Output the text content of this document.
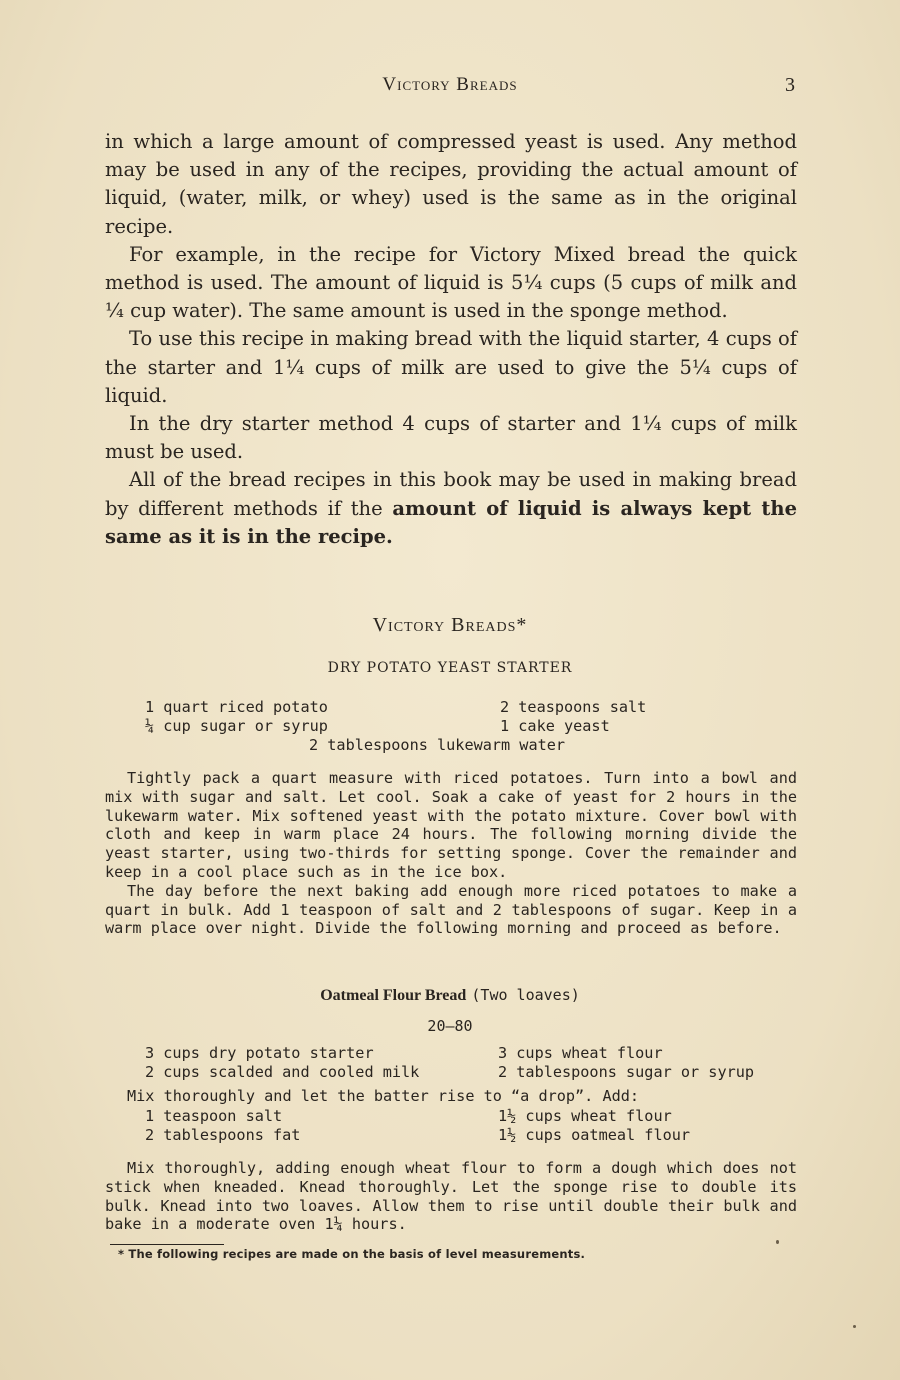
Victory Breads	3

in which a large amount of compressed yeast is used. Any method may be used in any of the recipes, providing the actual amount of liquid, (water, milk, or whey) used is the same as in the original recipe.

For example, in the recipe for Victory Mixed bread the quick method is used. The amount of liquid is 5¼ cups (5 cups of milk and ¼ cup water). The same amount is used in the sponge method.

To use this recipe in making bread with the liquid starter, 4 cups of the starter and 1¼ cups of milk are used to give the 5¼ cups of liquid.

In the dry starter method 4 cups of starter and 1¼ cups of milk must be used.

All of the bread recipes in this book may be used in making bread by different methods if the amount of liquid is always kept the same as it is in the recipe.

Victory Breads*
DRY POTATO YEAST STARTER
1 quart riced potato
¼ cup sugar or syrup
2 teaspoons salt
1 cake yeast
2 tablespoons lukewarm water

Tightly pack a quart measure with riced potatoes. Turn into a bowl and mix with sugar and salt. Let cool. Soak a cake of yeast for 2 hours in the lukewarm water. Mix softened yeast with the potato mixture. Cover bowl with cloth and keep in warm place 24 hours. The following morning divide the yeast starter, using two-thirds for setting sponge. Cover the remainder and keep in a cool place such as in the ice box.

The day before the next baking add enough more riced potatoes to make a quart in bulk. Add 1 teaspoon of salt and 2 tablespoons of sugar. Keep in a warm place over night. Divide the following morning and proceed as before.

Oatmeal Flour Bread (Two loaves)
20–80
3 cups dry potato starter
2 cups scalded and cooled milk
3 cups wheat flour
2 tablespoons sugar or syrup
Mix thoroughly and let the batter rise to “a drop”. Add:
1 teaspoon salt
2 tablespoons fat
1½ cups wheat flour
1½ cups oatmeal flour

Mix thoroughly, adding enough wheat flour to form a dough which does not stick when kneaded. Knead thoroughly. Let the sponge rise to double its bulk. Knead into two loaves. Allow them to rise until double their bulk and bake in a moderate oven 1¼ hours.

* The following recipes are made on the basis of level measurements.
